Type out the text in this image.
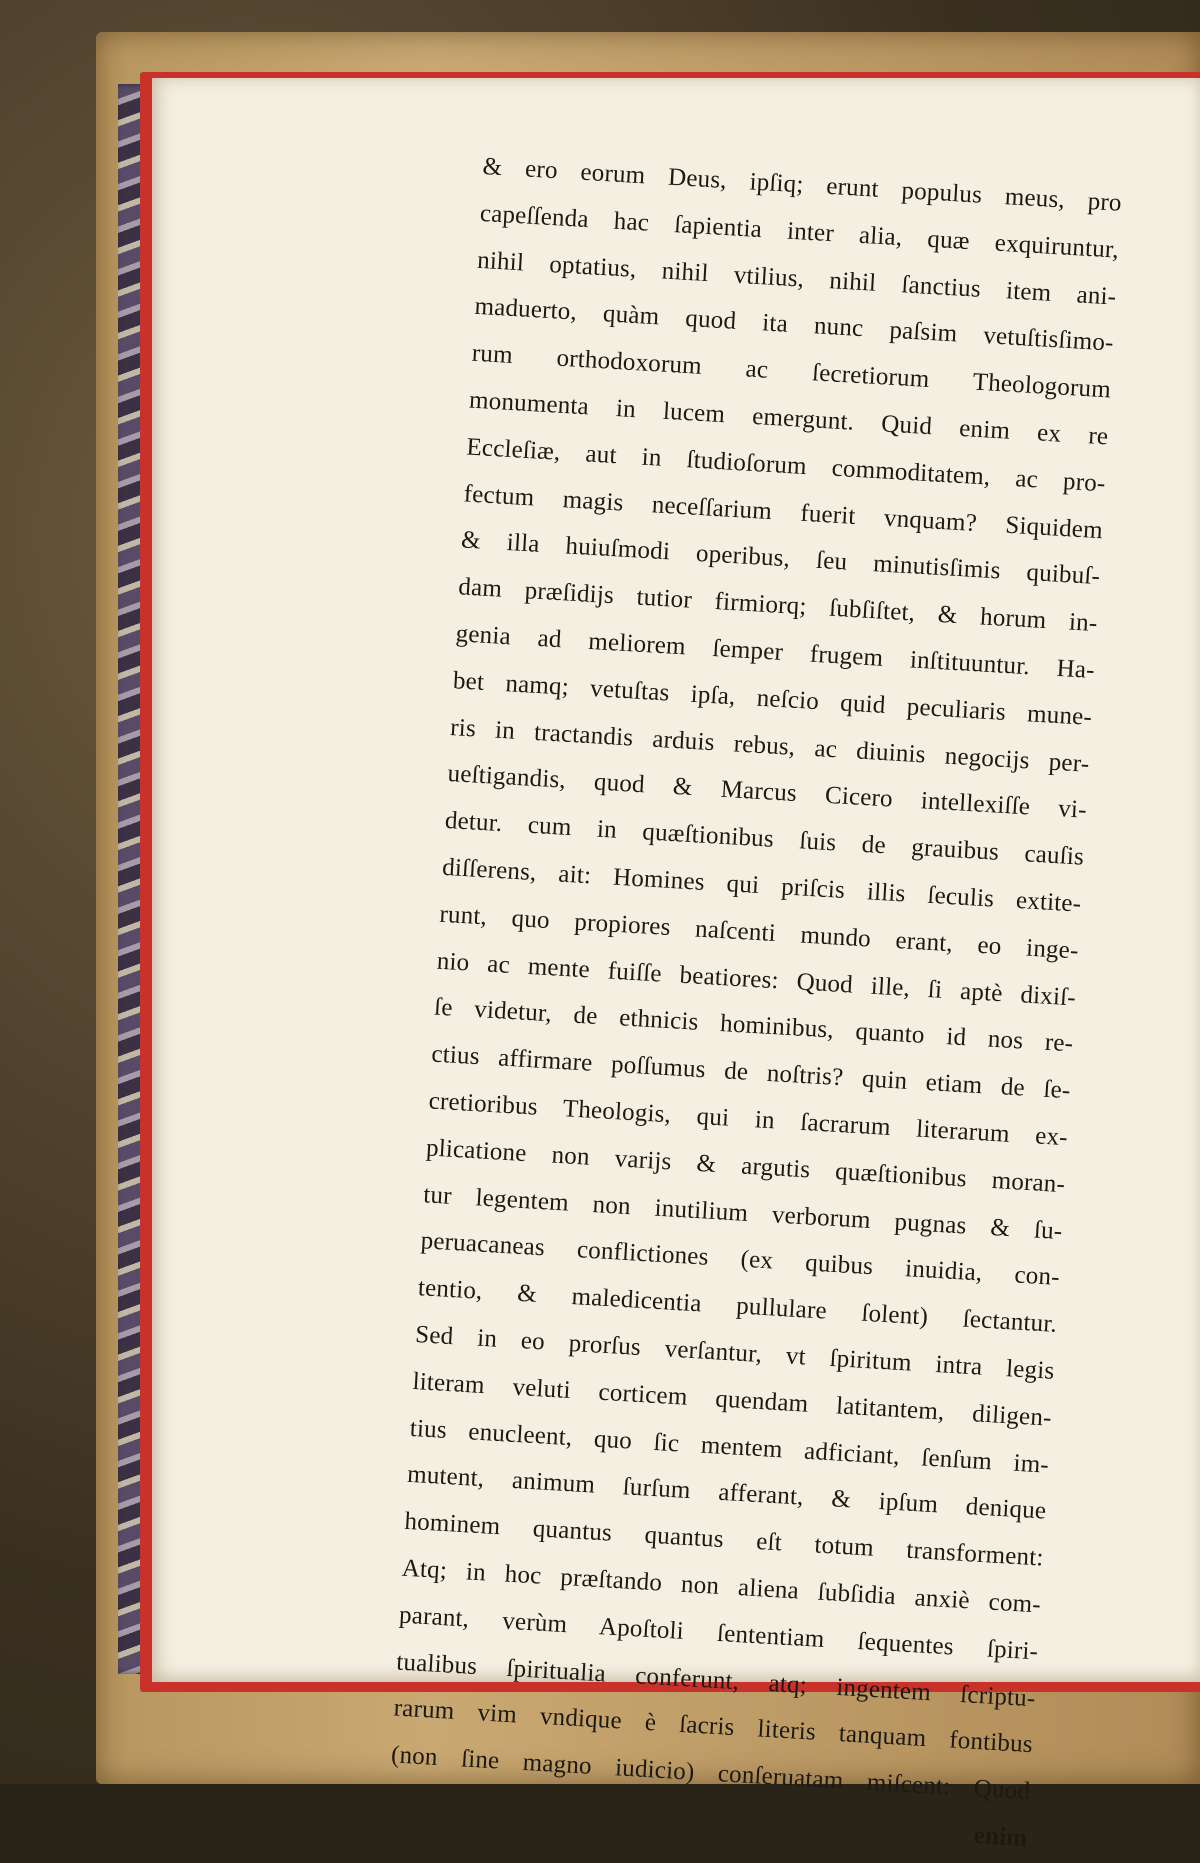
& ero eorum Deus, ipſiq; erunt populus meus, pro
capeſſenda hac ſapientia inter alia, quæ exquiruntur,
nihil optatius, nihil vtilius, nihil ſanctius item ani-
maduerto, quàm quod ita nunc paſsim vetuſtisſimo-
rum orthodoxorum ac ſecretiorum Theologorum
monumenta in lucem emergunt. Quid enim ex re
Eccleſiæ, aut in ſtudioſorum commoditatem, ac pro-
fectum magis neceſſarium fuerit vnquam? Siquidem
& illa huiuſmodi operibus, ſeu minutisſimis quibuſ-
dam præſidijs tutior firmiorq; ſubſiſtet, & horum in-
genia ad meliorem ſemper frugem inſtituuntur. Ha-
bet namq; vetuſtas ipſa, neſcio quid peculiaris mune-
ris in tractandis arduis rebus, ac diuinis negocijs per-
ueſtigandis, quod & Marcus Cicero intellexiſſe vi-
detur. cum in quæſtionibus ſuis de grauibus cauſis
diſſerens, ait: Homines qui priſcis illis ſeculis extite-
runt, quo propiores naſcenti mundo erant, eo inge-
nio ac mente fuiſſe beatiores: Quod ille, ſi aptè dixiſ-
ſe videtur, de ethnicis hominibus, quanto id nos re-
ctius affirmare poſſumus de noſtris? quin etiam de ſe-
cretioribus Theologis, qui in ſacrarum literarum ex-
plicatione non varijs & argutis quæſtionibus moran-
tur legentem non inutilium verborum pugnas & ſu-
peruacaneas conflictiones (ex quibus inuidia, con-
tentio, & maledicentia pullulare ſolent) ſectantur.
Sed in eo prorſus verſantur, vt ſpiritum intra legis
literam veluti corticem quendam latitantem, diligen-
tius enucleent, quo ſic mentem adficiant, ſenſum im-
mutent, animum ſurſum afferant, & ipſum denique
hominem quantus quantus eſt totum transforment:
Atq; in hoc præſtando non aliena ſubſidia anxiè com-
parant, verùm Apoſtoli ſententiam ſequentes ſpiri-
tualibus ſpiritualia conferunt, atq; ingentem ſcriptu-
rarum vim vndique è ſacris literis tanquam fontibus
(non ſine magno iudicio) conſeruatam miſcent: Quod
enim
